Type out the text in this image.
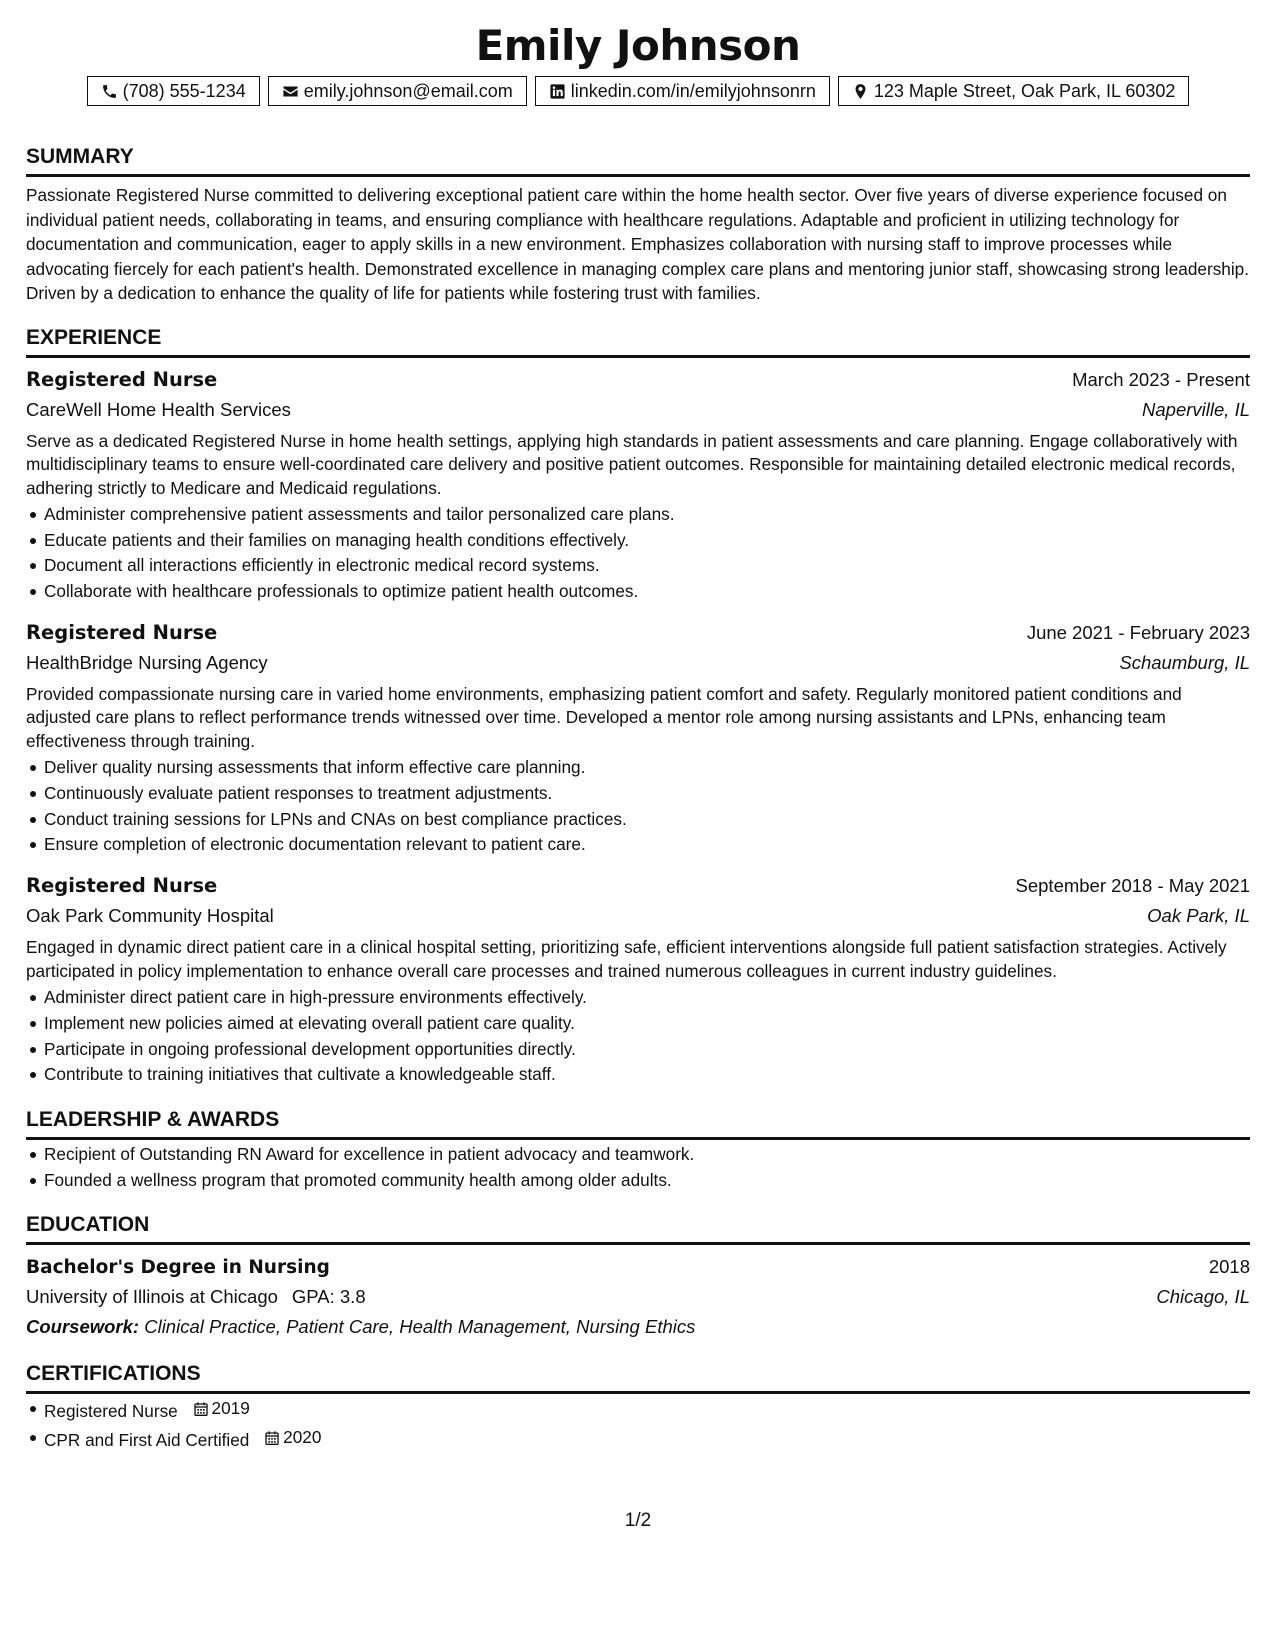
Emily Johnson
(708) 555-1234	emily.johnson@email.com	linkedin.com/in/emilyjohnsonrn	123 Maple Street, Oak Park, IL 60302
SUMMARY

Passionate Registered Nurse committed to delivering exceptional patient care within the home health sector. Over five years of diverse experience focused on individual patient needs, collaborating in teams, and ensuring compliance with healthcare regulations. Adaptable and proficient in utilizing technology for documentation and communication, eager to apply skills in a new environment. Emphasizes collaboration with nursing staff to improve processes while advocating fiercely for each patient's health. Demonstrated excellence in managing complex care plans and mentoring junior staff, showcasing strong leadership. Driven by a dedication to enhance the quality of life for patients while fostering trust with families.

EXPERIENCE
Registered Nurse	March 2023 - Present
CareWell Home Health Services	Naperville, IL

Serve as a dedicated Registered Nurse in home health settings, applying high standards in patient assessments and care planning. Engage collaboratively with multidisciplinary teams to ensure well-coordinated care delivery and positive patient outcomes. Responsible for maintaining detailed electronic medical records, adhering strictly to Medicare and Medicaid regulations.

Administer comprehensive patient assessments and tailor personalized care plans.
Educate patients and their families on managing health conditions effectively.
Document all interactions efficiently in electronic medical record systems.
Collaborate with healthcare professionals to optimize patient health outcomes.
Registered Nurse	June 2021 - February 2023
HealthBridge Nursing Agency	Schaumburg, IL

Provided compassionate nursing care in varied home environments, emphasizing patient comfort and safety. Regularly monitored patient conditions and adjusted care plans to reflect performance trends witnessed over time. Developed a mentor role among nursing assistants and LPNs, enhancing team effectiveness through training.

Deliver quality nursing assessments that inform effective care planning.
Continuously evaluate patient responses to treatment adjustments.
Conduct training sessions for LPNs and CNAs on best compliance practices.
Ensure completion of electronic documentation relevant to patient care.
Registered Nurse	September 2018 - May 2021
Oak Park Community Hospital	Oak Park, IL

Engaged in dynamic direct patient care in a clinical hospital setting, prioritizing safe, efficient interventions alongside full patient satisfaction strategies. Actively participated in policy implementation to enhance overall care processes and trained numerous colleagues in current industry guidelines.

Administer direct patient care in high-pressure environments effectively.
Implement new policies aimed at elevating overall patient care quality.
Participate in ongoing professional development opportunities directly.
Contribute to training initiatives that cultivate a knowledgeable staff.
LEADERSHIP & AWARDS
Recipient of Outstanding RN Award for excellence in patient advocacy and teamwork.
Founded a wellness program that promoted community health among older adults.
EDUCATION
Bachelor's Degree in Nursing	2018
University of Illinois at Chicago GPA: 3.8	Chicago, IL
Coursework: Clinical Practice, Patient Care, Health Management, Nursing Ethics
CERTIFICATIONS
Registered Nurse 2019
CPR and First Aid Certified 2020
1/2
